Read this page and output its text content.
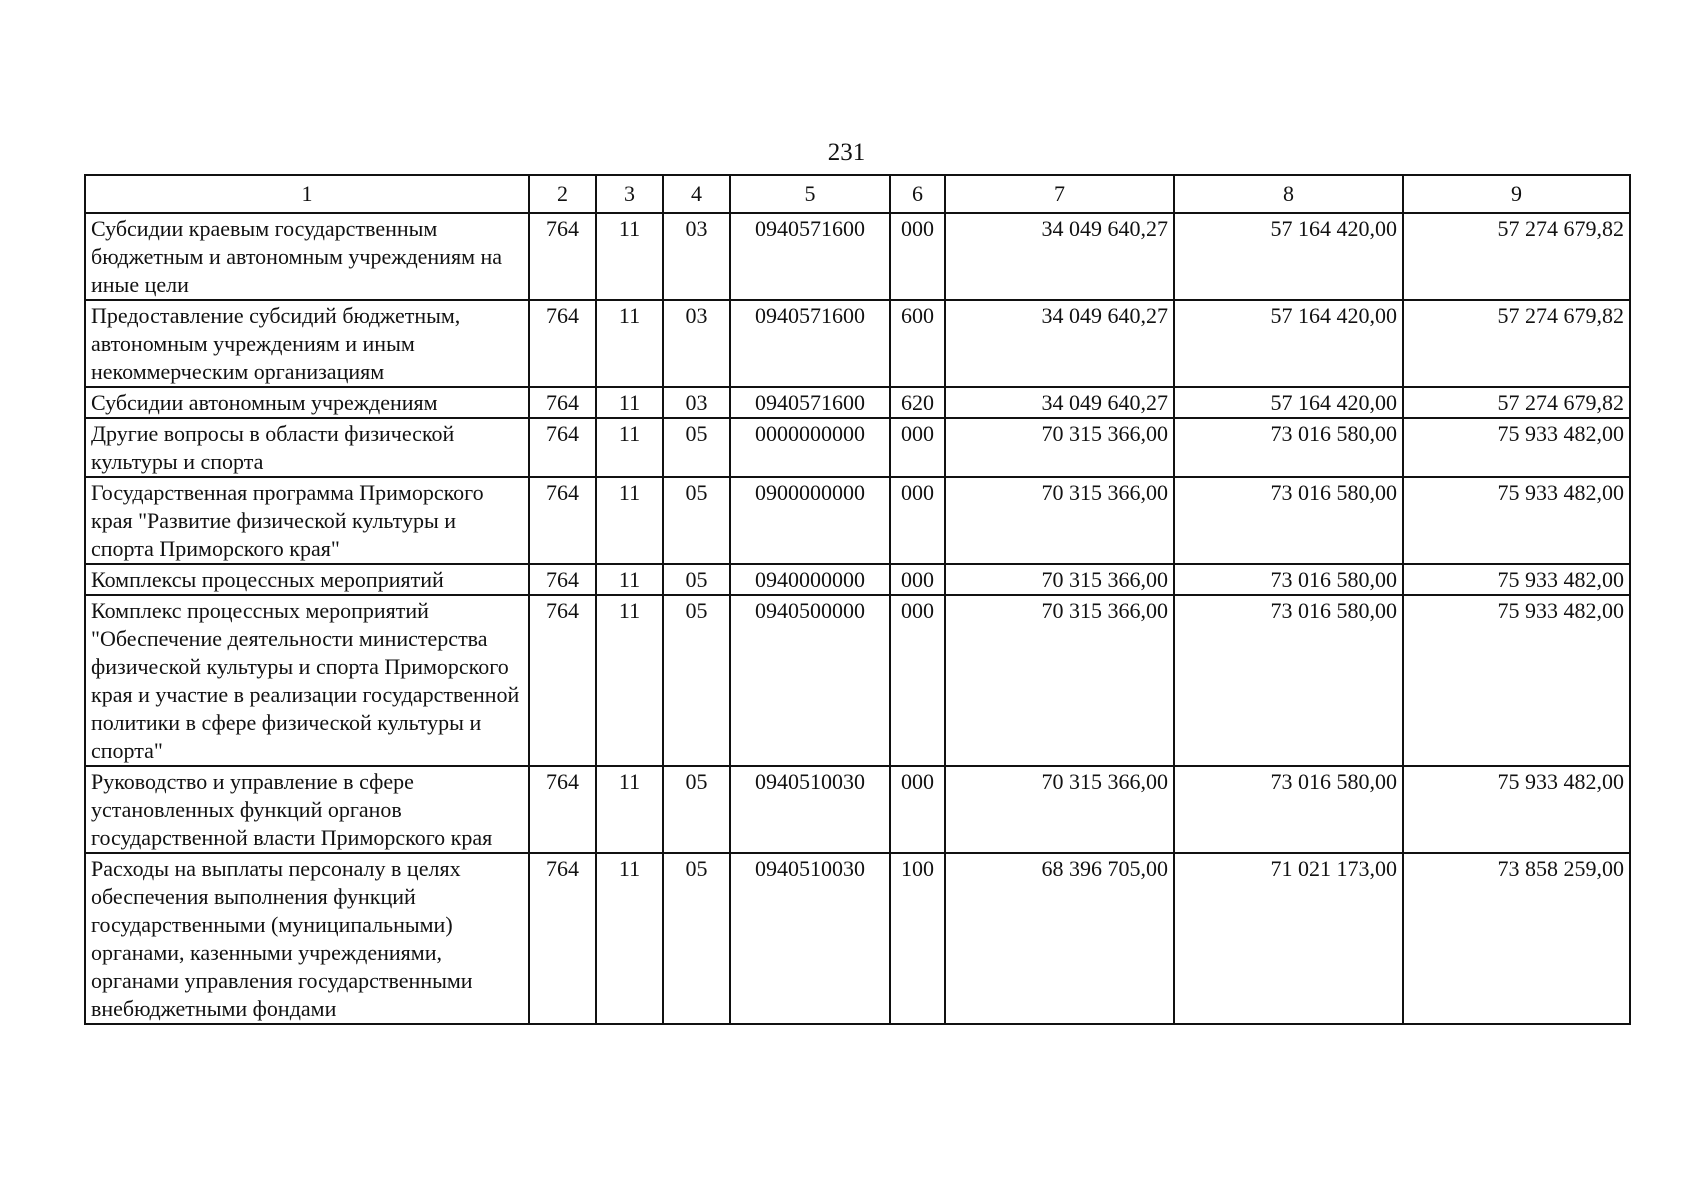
231
1	2	3	4	5	6	7	8	9
Субсидии краевым государственным бюджетным и автономным учреждениям на иные цели	764	11	03	0940571600	000	34 049 640,27	57 164 420,00	57 274 679,82
Предоставление субсидий бюджетным, автономным учреждениям и иным некоммерческим организациям	764	11	03	0940571600	600	34 049 640,27	57 164 420,00	57 274 679,82
Субсидии автономным учреждениям	764	11	03	0940571600	620	34 049 640,27	57 164 420,00	57 274 679,82
Другие вопросы в области физической культуры и спорта	764	11	05	0000000000	000	70 315 366,00	73 016 580,00	75 933 482,00
Государственная программа Приморского края "Развитие физической культуры и спорта Приморского края"	764	11	05	0900000000	000	70 315 366,00	73 016 580,00	75 933 482,00
Комплексы процессных мероприятий	764	11	05	0940000000	000	70 315 366,00	73 016 580,00	75 933 482,00
Комплекс процессных мероприятий "Обеспечение деятельности министерства физической культуры и спорта Приморского края и участие в реализации государственной политики в сфере физической культуры и спорта"	764	11	05	0940500000	000	70 315 366,00	73 016 580,00	75 933 482,00
Руководство и управление в сфере установленных функций органов государственной власти Приморского края	764	11	05	0940510030	000	70 315 366,00	73 016 580,00	75 933 482,00
Расходы на выплаты персоналу в целях обеспечения выполнения функций государственными (муниципальными) органами, казенными учреждениями, органами управления государственными внебюджетными фондами	764	11	05	0940510030	100	68 396 705,00	71 021 173,00	73 858 259,00
